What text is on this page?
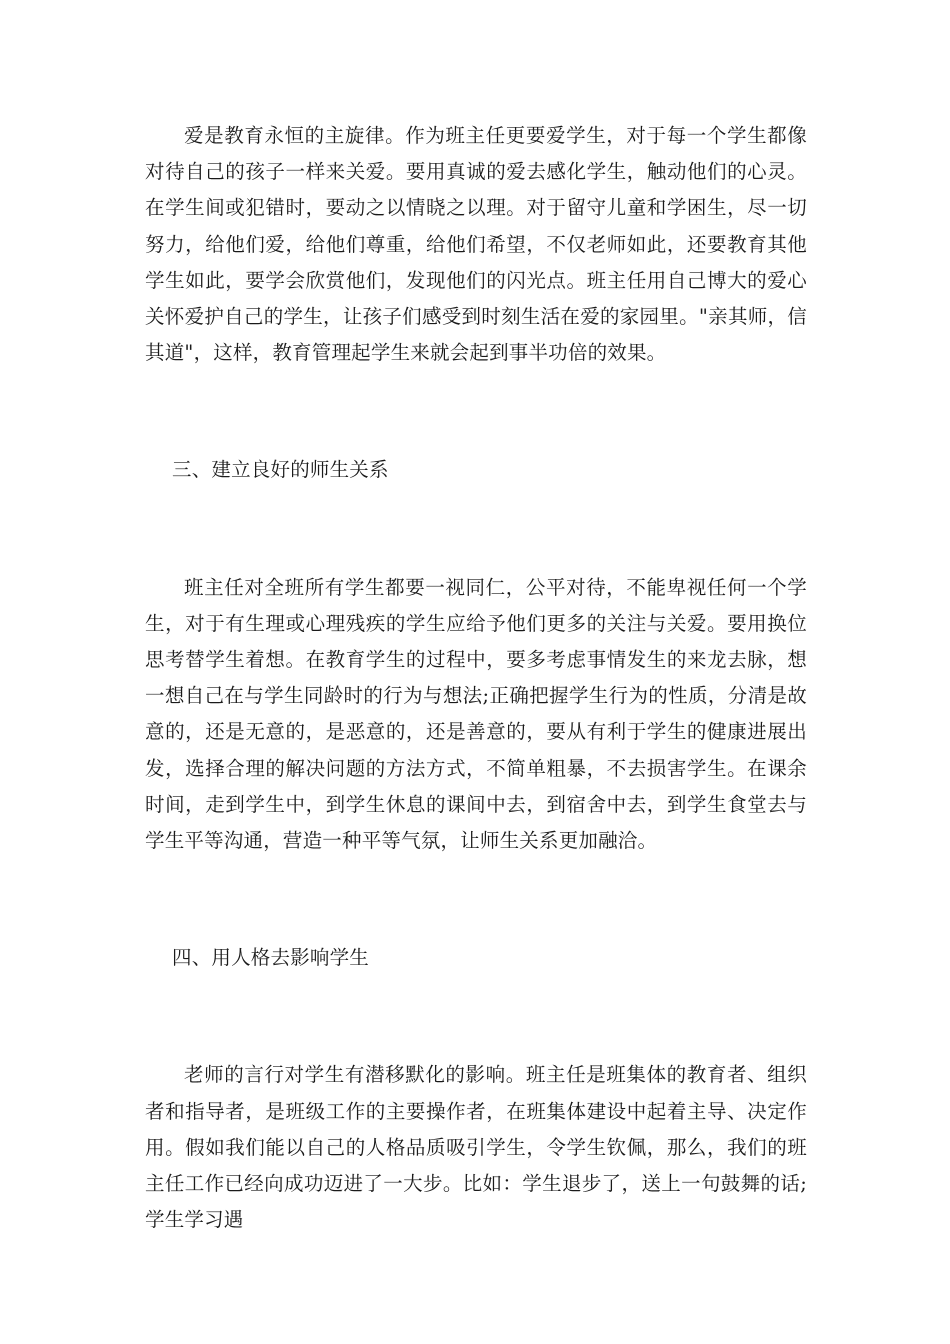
爱是教育永恒的主旋律。作为班主任更要爱学生，对于每一个学生都像对待自己的孩子一样来关爱。要用真诚的爱去感化学生，触动他们的心灵。在学生间或犯错时，要动之以情晓之以理。对于留守儿童和学困生，尽一切努力，给他们爱，给他们尊重，给他们希望，不仅老师如此，还要教育其他学生如此，要学会欣赏他们，发现他们的闪光点。班主任用自己博大的爱心关怀爱护自己的学生，让孩子们感受到时刻生活在爱的家园里。"亲其师，信其道"，这样，教育管理起学生来就会起到事半功倍的效果。

三、建立良好的师生关系

班主任对全班所有学生都要一视同仁，公平对待，不能卑视任何一个学生，对于有生理或心理残疾的学生应给予他们更多的关注与关爱。要用换位思考替学生着想。在教育学生的过程中，要多考虑事情发生的来龙去脉，想一想自己在与学生同龄时的行为与想法;正确把握学生行为的性质，分清是故意的，还是无意的，是恶意的，还是善意的，要从有利于学生的健康进展出发，选择合理的解决问题的方法方式，不简单粗暴，不去损害学生。在课余时间，走到学生中，到学生休息的课间中去，到宿舍中去，到学生食堂去与学生平等沟通，营造一种平等气氛，让师生关系更加融洽。

四、用人格去影响学生

老师的言行对学生有潜移默化的影响。班主任是班集体的教育者、组织者和指导者，是班级工作的主要操作者，在班集体建设中起着主导、决定作用。假如我们能以自己的人格品质吸引学生，令学生钦佩，那么，我们的班主任工作已经向成功迈进了一大步。比如：学生退步了，送上一句鼓舞的话;学生学习遇
